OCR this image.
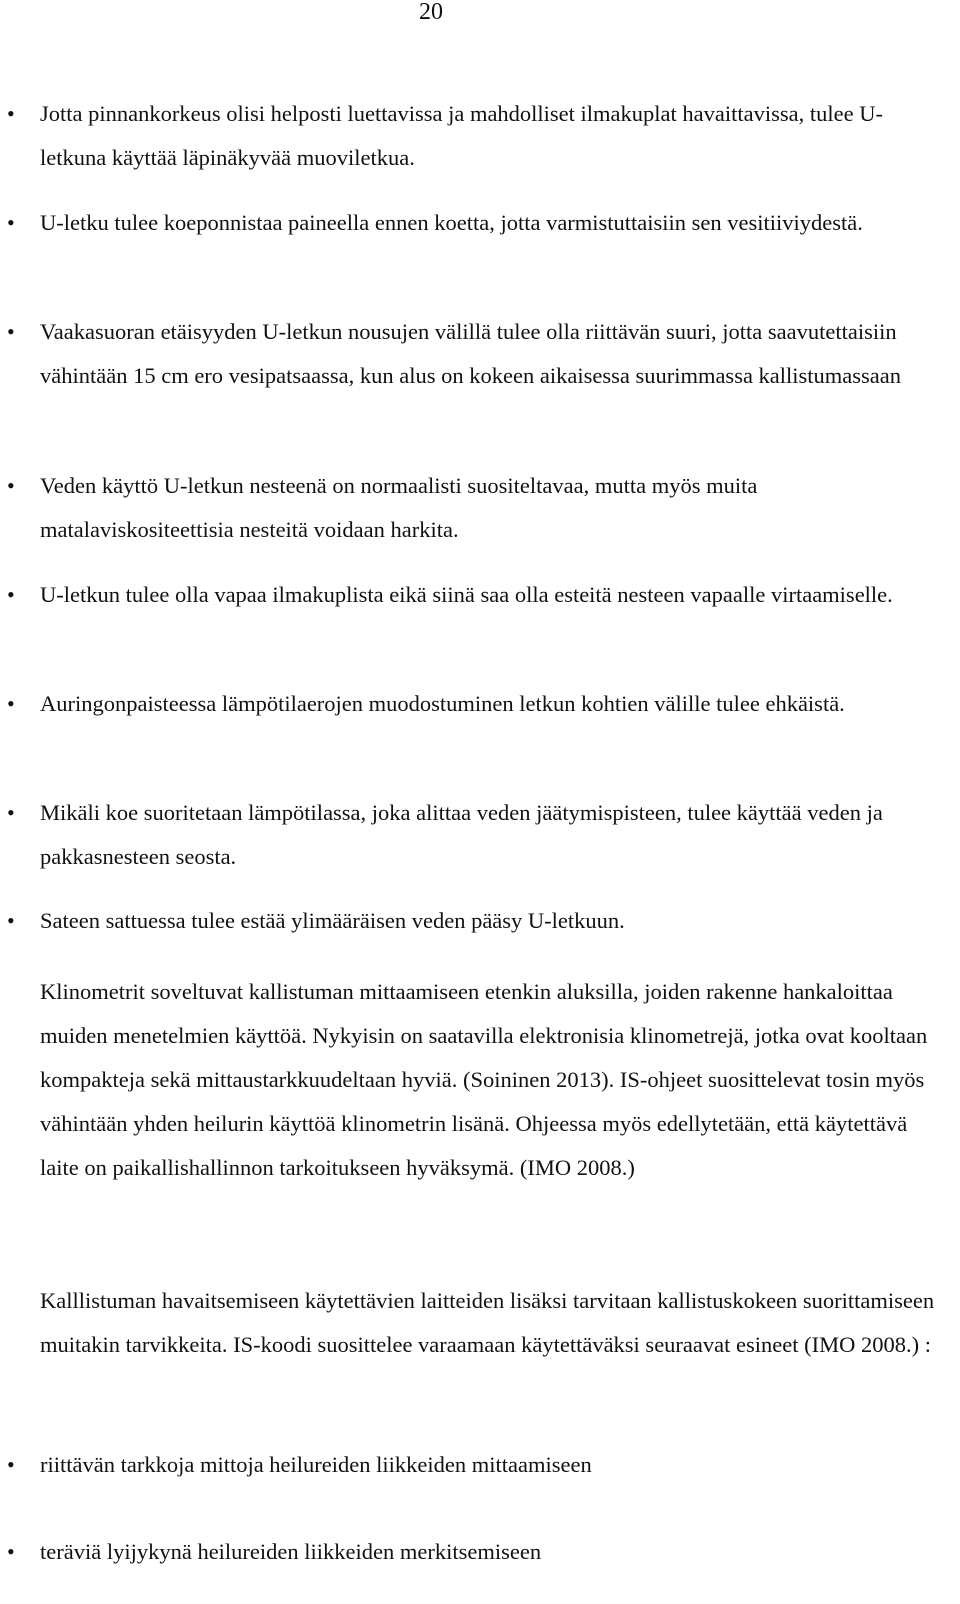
20

• Jotta pinnankorkeus olisi helposti luettavissa ja mahdolliset ilmakuplat havaittavissa, tulee U-letkuna käyttää läpinäkyvää muoviletkua.

• U-letku tulee koeponnistaa paineella ennen koetta, jotta varmistuttaisiin sen vesitiiviydestä.

• Vaakasuoran etäisyyden U-letkun nousujen välillä tulee olla riittävän suuri, jotta saavutettaisiin vähintään 15 cm ero vesipatsaassa, kun alus on kokeen aikaisessa suurimmassa kallistumassaan

• Veden käyttö U-letkun nesteenä on normaalisti suositeltavaa, mutta myös muita matalaviskositeettisia nesteitä voidaan harkita.

• U-letkun tulee olla vapaa ilmakuplista eikä siinä saa olla esteitä nesteen vapaalle virtaamiselle.

• Auringonpaisteessa lämpötilaerojen muodostuminen letkun kohtien välille tulee ehkäistä.

• Mikäli koe suoritetaan lämpötilassa, joka alittaa veden jäätymispisteen, tulee käyttää veden ja pakkasnesteen seosta.

• Sateen sattuessa tulee estää ylimääräisen veden pääsy U-letkuun.

Klinometrit soveltuvat kallistuman mittaamiseen etenkin aluksilla, joiden rakenne hankaloittaa muiden menetelmien käyttöä. Nykyisin on saatavilla elektronisia klinometrejä, jotka ovat kooltaan kompakteja sekä mittaustarkkuudeltaan hyviä. (Soininen 2013). IS-ohjeet suosittelevat tosin myös vähintään yhden heilurin käyttöä klinometrin lisänä. Ohjeessa myös edellytetään, että käytettävä laite on paikallishallinnon tarkoitukseen hyväksymä. (IMO 2008.)

Kalllistuman havaitsemiseen käytettävien laitteiden lisäksi tarvitaan kallistuskokeen suorittamiseen muitakin tarvikkeita. IS-koodi suosittelee varaamaan käytettäväksi seuraavat esineet (IMO 2008.) :

• riittävän tarkkoja mittoja heilureiden liikkeiden mittaamiseen

• teräviä lyijykynä heilureiden liikkeiden merkitsemiseen
